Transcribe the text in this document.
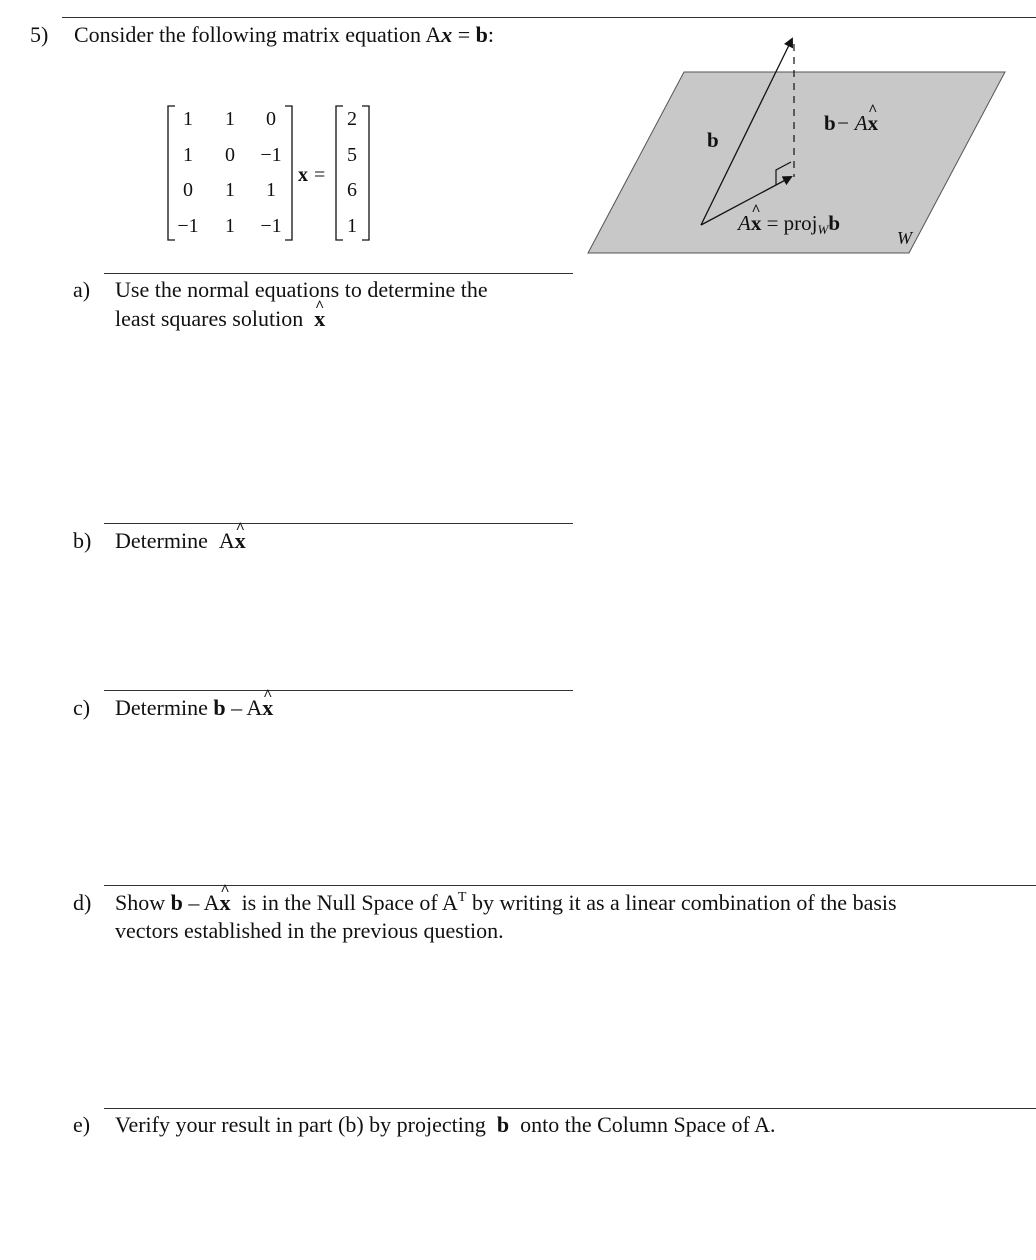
5) Consider the following matrix equation Ax = b:
1	1	0
1	0	−1
0	1	1
−1	1	−1
x =
2
5
6
1
b
b− Ax ^
Ax ^ = proj$_W$b
W
a) Use the normal equations to determine the
least squares solution x ^
b) Determine Ax ^
c) Determine b – Ax ^
d) Show b – Ax ^  is in the Null Space of $A^T$ by writing it as a linear combination of the basis
vectors established in the previous question.
e) Verify your result in part (b) by projecting b onto the Column Space of A.
